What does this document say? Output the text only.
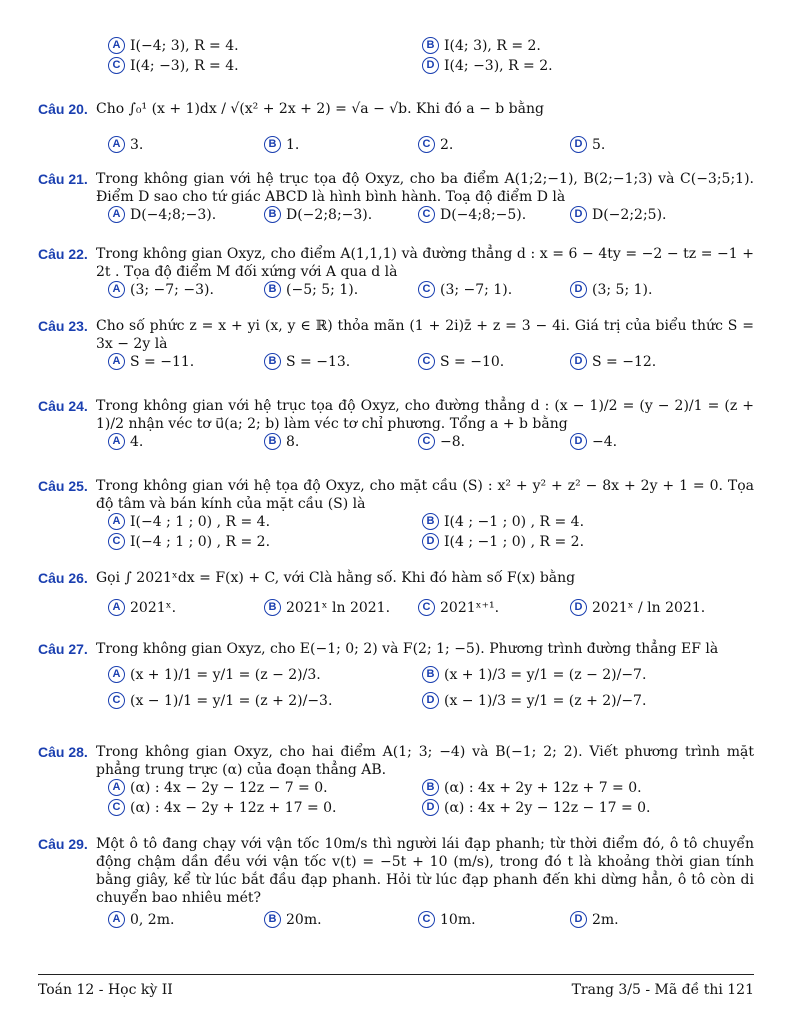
A I(−4; 3), R = 4.	B I(4; 3), R = 2.
C I(4; −3), R = 4.	D I(4; −3), R = 2.
Câu 20. Cho ∫₀¹ (x + 1)dx / √(x² + 2x + 2) = √a − √b. Khi đó a − b bằng
A 3.	B 1.	C 2.	D 5.
Câu 21. Trong không gian với hệ trục tọa độ Oxyz, cho ba điểm A(1;2;−1), B(2;−1;3) và C(−3;5;1). Điểm D sao cho tứ giác ABCD là hình bình hành. Toạ độ điểm D là
A D(−4;8;−3).	B D(−2;8;−3).	C D(−4;8;−5).	D D(−2;2;5).
Câu 22. Trong không gian Oxyz, cho điểm A(1,1,1) và đường thẳng d : x = 6 − 4ty = −2 − tz = −1 + 2t . Tọa độ điểm M đối xứng với A qua d là
A (3; −7; −3).	B (−5; 5; 1).	C (3; −7; 1).	D (3; 5; 1).
Câu 23. Cho số phức z = x + yi (x, y ∈ ℝ) thỏa mãn (1 + 2i)z̄ + z = 3 − 4i. Giá trị của biểu thức S = 3x − 2y là
A S = −11.	B S = −13.	C S = −10.	D S = −12.
Câu 24. Trong không gian với hệ trục tọa độ Oxyz, cho đường thẳng d : (x − 1)/2 = (y − 2)/1 = (z + 1)/2 nhận véc tơ u⃗(a; 2; b) làm véc tơ chỉ phương. Tổng a + b bằng
A 4.	B 8.	C −8.	D −4.
Câu 25. Trong không gian với hệ tọa độ Oxyz, cho mặt cầu (S) : x² + y² + z² − 8x + 2y + 1 = 0. Tọa độ tâm và bán kính của mặt cầu (S) là
A I(−4 ; 1 ; 0) , R = 4.	B I(4 ; −1 ; 0) , R = 4.
C I(−4 ; 1 ; 0) , R = 2.	D I(4 ; −1 ; 0) , R = 2.
Câu 26. Gọi ∫ 2021ˣdx = F(x) + C, với Clà hằng số. Khi đó hàm số F(x) bằng
A 2021ˣ.	B 2021ˣ ln 2021.	C 2021ˣ⁺¹.	D 2021ˣ / ln 2021.
Câu 27. Trong không gian Oxyz, cho E(−1; 0; 2) và F(2; 1; −5). Phương trình đường thẳng EF là
A (x + 1)/1 = y/1 = (z − 2)/3.	B (x + 1)/3 = y/1 = (z − 2)/−7.
C (x − 1)/1 = y/1 = (z + 2)/−3.	D (x − 1)/3 = y/1 = (z + 2)/−7.
Câu 28. Trong không gian Oxyz, cho hai điểm A(1; 3; −4) và B(−1; 2; 2). Viết phương trình mặt phẳng trung trực (α) của đoạn thẳng AB.
A (α) : 4x − 2y − 12z − 7 = 0.	B (α) : 4x + 2y + 12z + 7 = 0.
C (α) : 4x − 2y + 12z + 17 = 0.	D (α) : 4x + 2y − 12z − 17 = 0.
Câu 29. Một ô tô đang chạy với vận tốc 10m/s thì người lái đạp phanh; từ thời điểm đó, ô tô chuyển động chậm dần đều với vận tốc v(t) = −5t + 10 (m/s), trong đó t là khoảng thời gian tính bằng giây, kể từ lúc bắt đầu đạp phanh. Hỏi từ lúc đạp phanh đến khi dừng hẳn, ô tô còn di chuyển bao nhiêu mét?
A 0, 2m.	B 20m.	C 10m.	D 2m.
Toán 12 - Học kỳ II	Trang 3/5 - Mã đề thi 121
